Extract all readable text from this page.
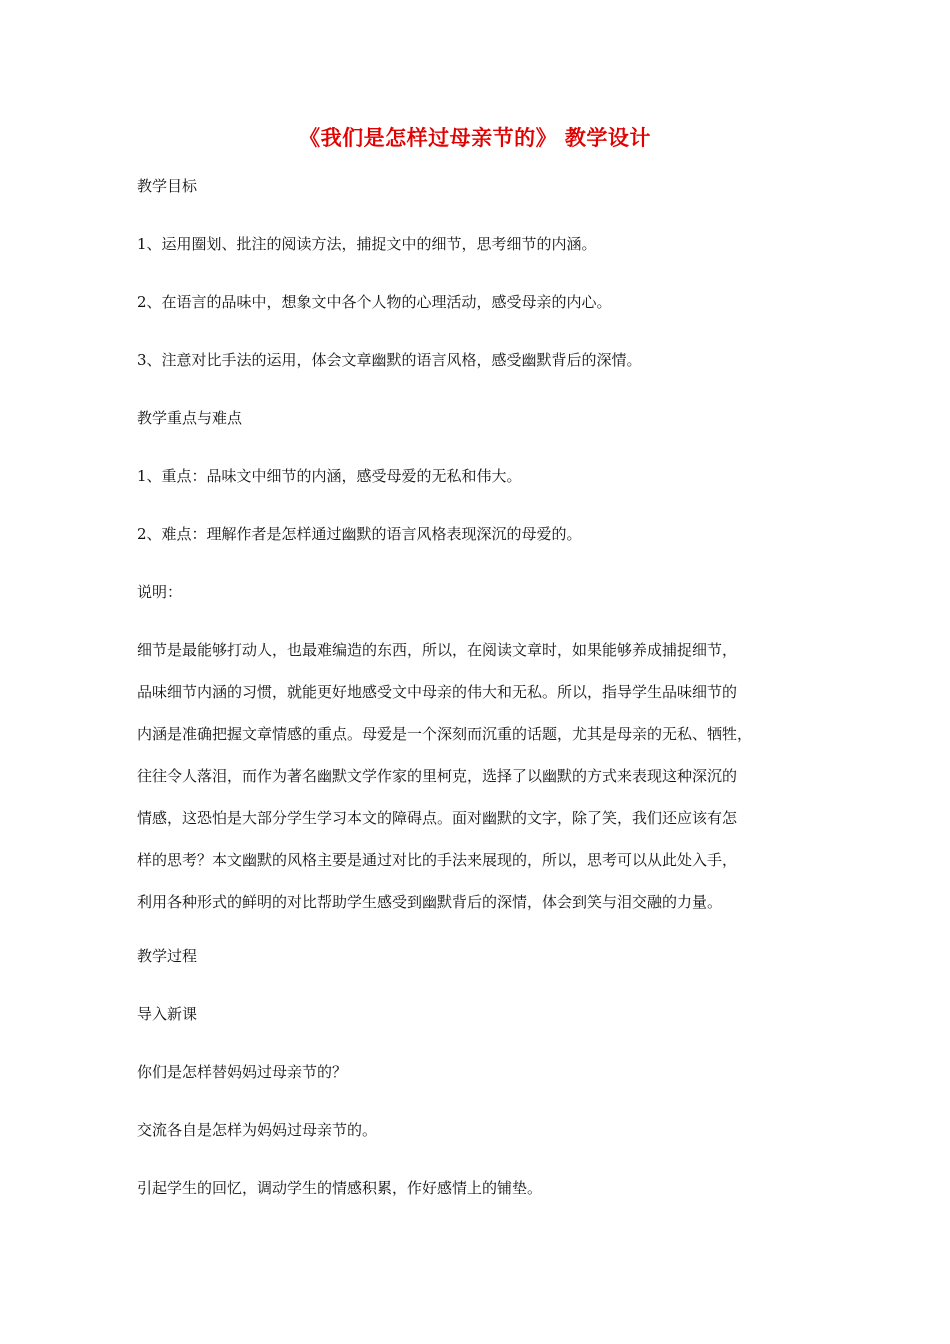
《我们是怎样过母亲节的》 教学设计
教学目标
1、运用圈划、批注的阅读方法，捕捉文中的细节，思考细节的内涵。
2、在语言的品味中，想象文中各个人物的心理活动，感受母亲的内心。
3、注意对比手法的运用，体会文章幽默的语言风格，感受幽默背后的深情。
教学重点与难点
1、重点：品味文中细节的内涵，感受母爱的无私和伟大。
2、难点：理解作者是怎样通过幽默的语言风格表现深沉的母爱的。
说明：
细节是最能够打动人，也最难编造的东西，所以，在阅读文章时，如果能够养成捕捉细节，
品味细节内涵的习惯，就能更好地感受文中母亲的伟大和无私。所以，指导学生品味细节的
内涵是准确把握文章情感的重点。母爱是一个深刻而沉重的话题，尤其是母亲的无私、牺牲，
往往令人落泪，而作为著名幽默文学作家的里柯克，选择了以幽默的方式来表现这种深沉的
情感，这恐怕是大部分学生学习本文的障碍点。面对幽默的文字，除了笑，我们还应该有怎
样的思考？本文幽默的风格主要是通过对比的手法来展现的，所以，思考可以从此处入手，
利用各种形式的鲜明的对比帮助学生感受到幽默背后的深情，体会到笑与泪交融的力量。
教学过程
导入新课
你们是怎样替妈妈过母亲节的？
交流各自是怎样为妈妈过母亲节的。
引起学生的回忆，调动学生的情感积累，作好感情上的铺垫。
